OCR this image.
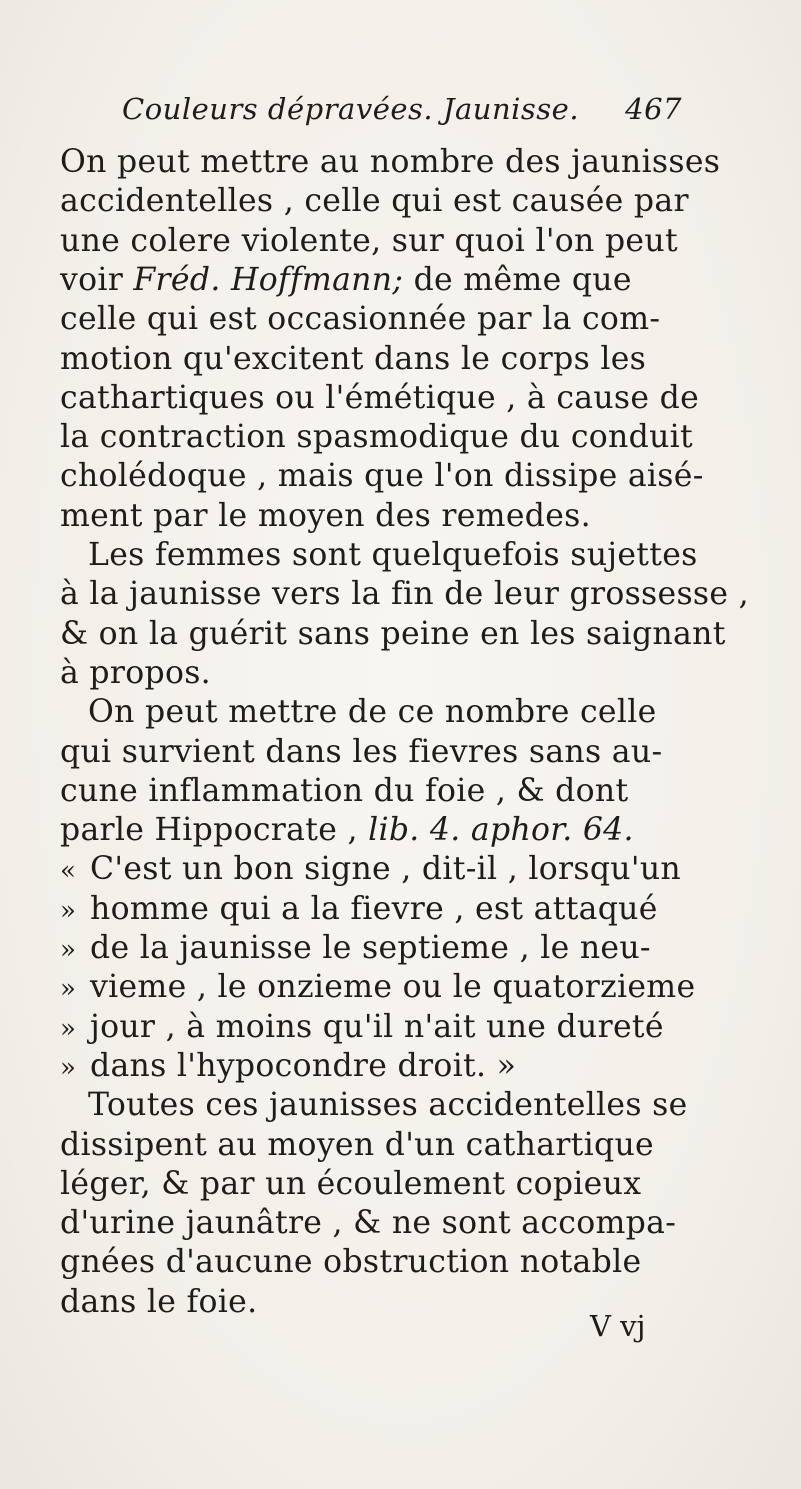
Couleurs dépravées. Jaunisse. 467
On peut mettre au nombre des jaunisses
accidentelles , celle qui est causée par
une colere violente, sur quoi l'on peut
voir Fréd. Hoffmann; de même que
celle qui est occasionnée par la com-
motion qu'excitent dans le corps les
cathartiques ou l'émétique , à cause de
la contraction spasmodique du conduit
cholédoque , mais que l'on dissipe aisé-
ment par le moyen des remedes.
Les femmes sont quelquefois sujettes
à la jaunisse vers la fin de leur grossesse ,
& on la guérit sans peine en les saignant
à propos.
On peut mettre de ce nombre celle
qui survient dans les fievres sans au-
cune inflammation du foie , & dont
parle Hippocrate , lib. 4. aphor. 64.
« C'est un bon signe , dit-il , lorsqu'un
» homme qui a la fievre , est attaqué
» de la jaunisse le septieme , le neu-
» vieme , le onzieme ou le quatorzieme
» jour , à moins qu'il n'ait une dureté
» dans l'hypocondre droit. »
Toutes ces jaunisses accidentelles se
dissipent au moyen d'un cathartique
léger, & par un écoulement copieux
d'urine jaunâtre , & ne sont accompa-
gnées d'aucune obstruction notable
dans le foie.
V vj
